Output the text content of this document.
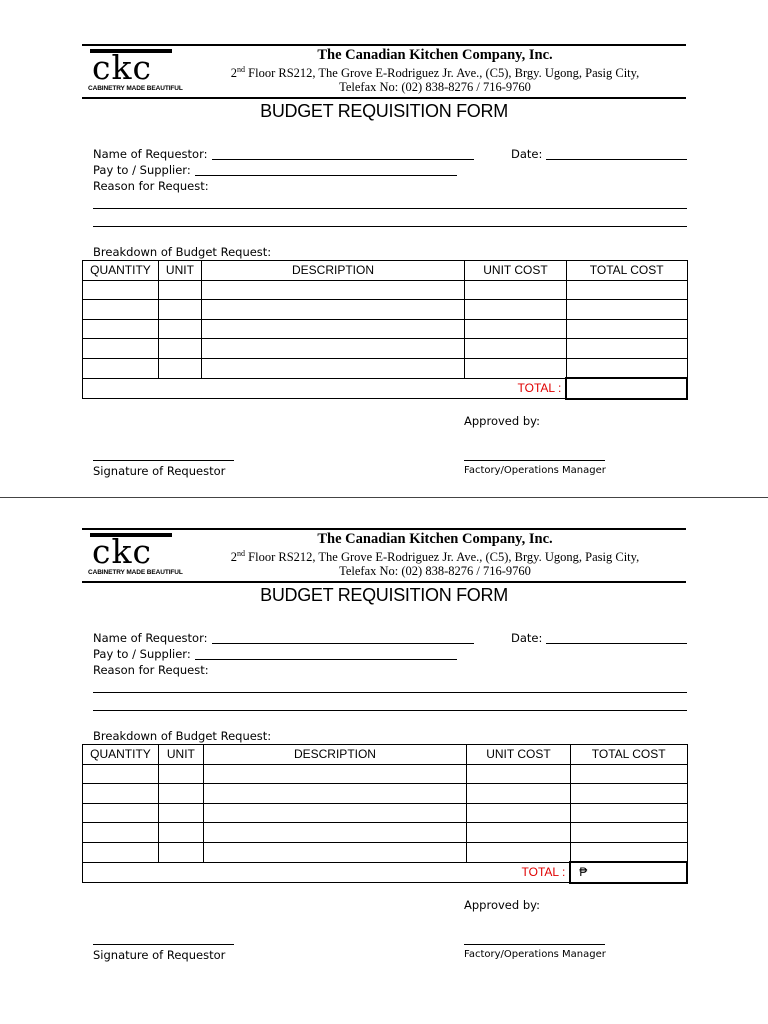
ckc
CABINETRY MADE BEAUTIFUL
The Canadian Kitchen Company, Inc.
2nd Floor RS212, The Grove E-Rodriguez Jr. Ave., (C5), Brgy. Ugong, Pasig City,
Telefax No: (02) 838-8276 / 716-9760
BUDGET REQUISITION FORM
Name of Requestor:	Date:
Pay to / Supplier:
Reason for Request:
Breakdown of Budget Request:
QUANTITY	UNIT	DESCRIPTION	UNIT COST	TOTAL COST

TOTAL :				
Approved by:
Signature of Requestor	Factory/Operations Manager
ckc
CABINETRY MADE BEAUTIFUL
The Canadian Kitchen Company, Inc.
2nd Floor RS212, The Grove E-Rodriguez Jr. Ave., (C5), Brgy. Ugong, Pasig City,
Telefax No: (02) 838-8276 / 716-9760
BUDGET REQUISITION FORM
Name of Requestor:	Date:
Pay to / Supplier:
Reason for Request:
Breakdown of Budget Request:
QUANTITY	UNIT	DESCRIPTION	UNIT COST	TOTAL COST

TOTAL :				₱
Approved by:
Signature of Requestor	Factory/Operations Manager
